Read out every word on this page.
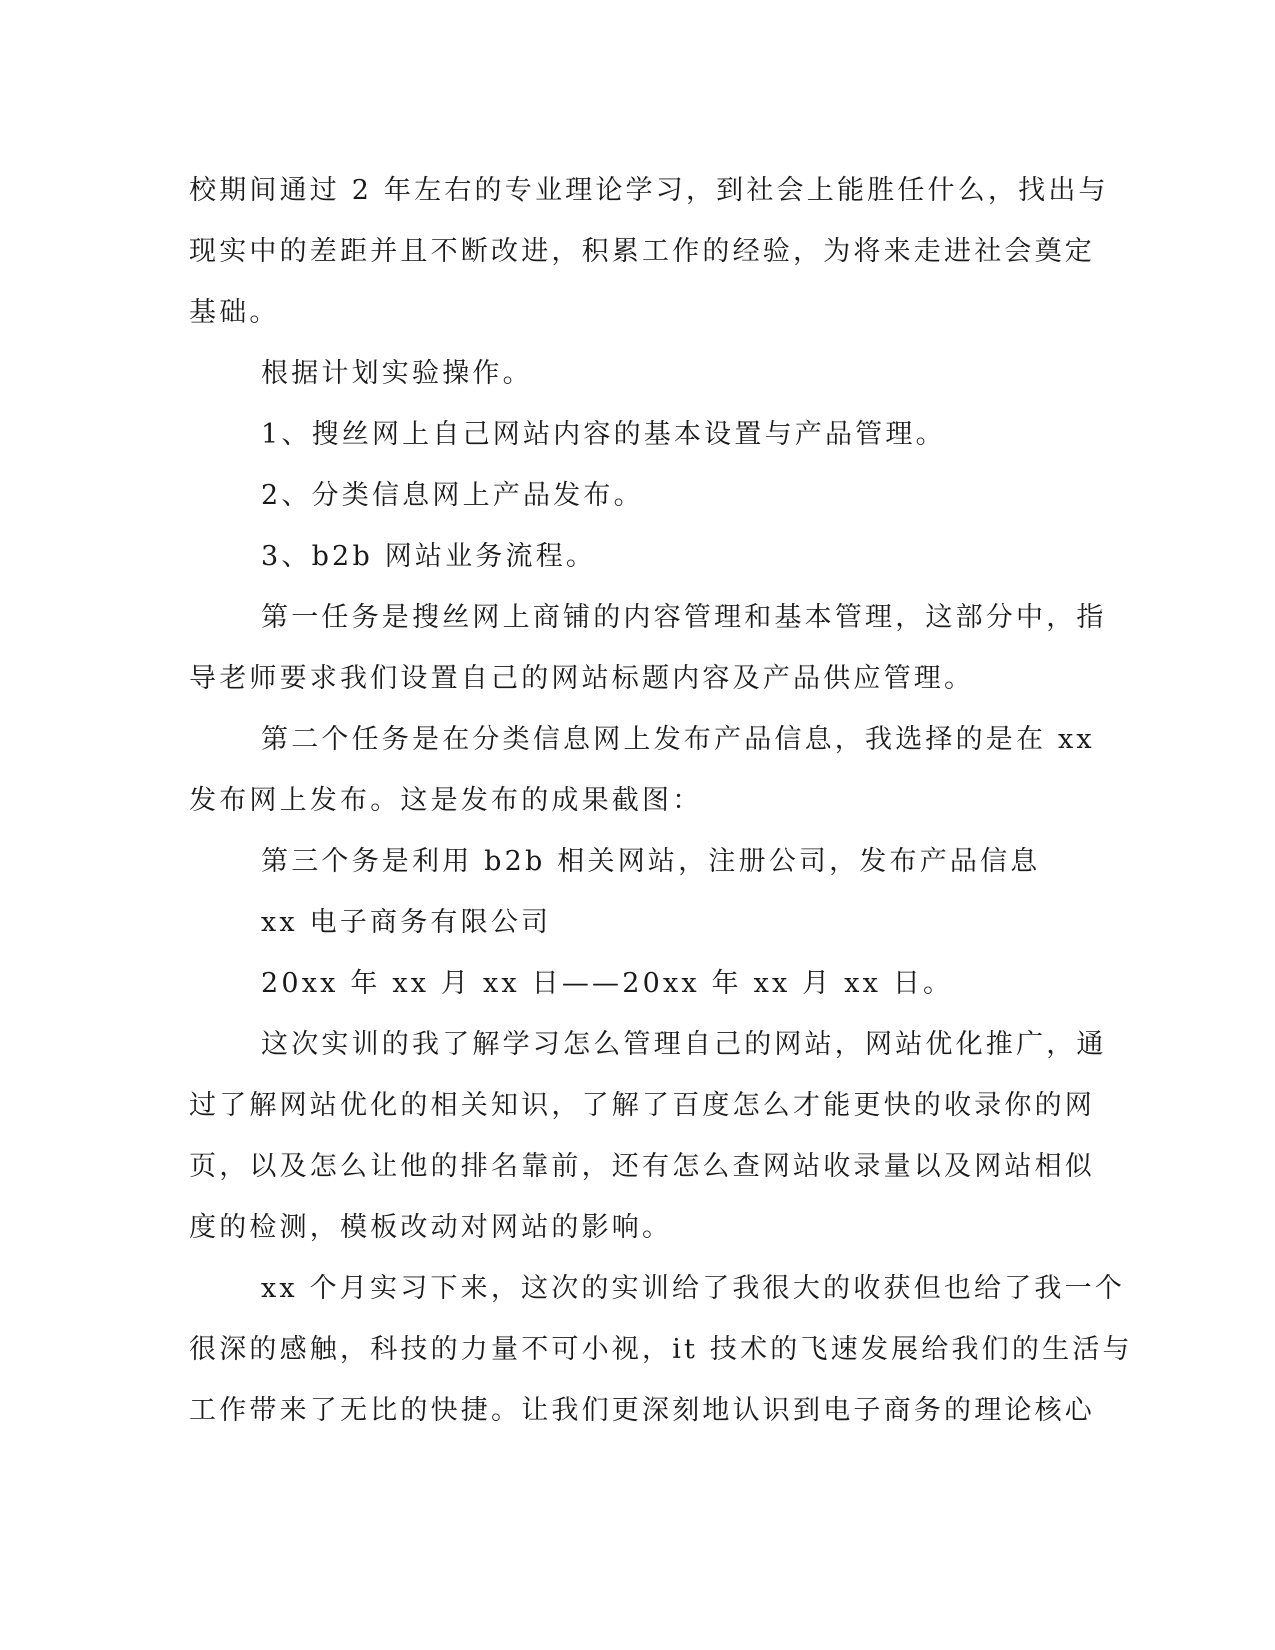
校期间通过 2 年左右的专业理论学习，到社会上能胜任什么，找出与
现实中的差距并且不断改进，积累工作的经验，为将来走进社会奠定
基础。
根据计划实验操作。
1、搜丝网上自己网站内容的基本设置与产品管理。
2、分类信息网上产品发布。
3、b2b 网站业务流程。
第一任务是搜丝网上商铺的内容管理和基本管理，这部分中，指
导老师要求我们设置自己的网站标题内容及产品供应管理。
第二个任务是在分类信息网上发布产品信息，我选择的是在 xx
发布网上发布。这是发布的成果截图：
第三个务是利用 b2b 相关网站，注册公司，发布产品信息
xx 电子商务有限公司
20xx 年 xx 月 xx 日——20xx 年 xx 月 xx 日。
这次实训的我了解学习怎么管理自己的网站，网站优化推广，通
过了解网站优化的相关知识，了解了百度怎么才能更快的收录你的网
页，以及怎么让他的排名靠前，还有怎么查网站收录量以及网站相似
度的检测，模板改动对网站的影响。
xx 个月实习下来，这次的实训给了我很大的收获但也给了我一个
很深的感触，科技的力量不可小视，it 技术的飞速发展给我们的生活与
工作带来了无比的快捷。让我们更深刻地认识到电子商务的理论核心
